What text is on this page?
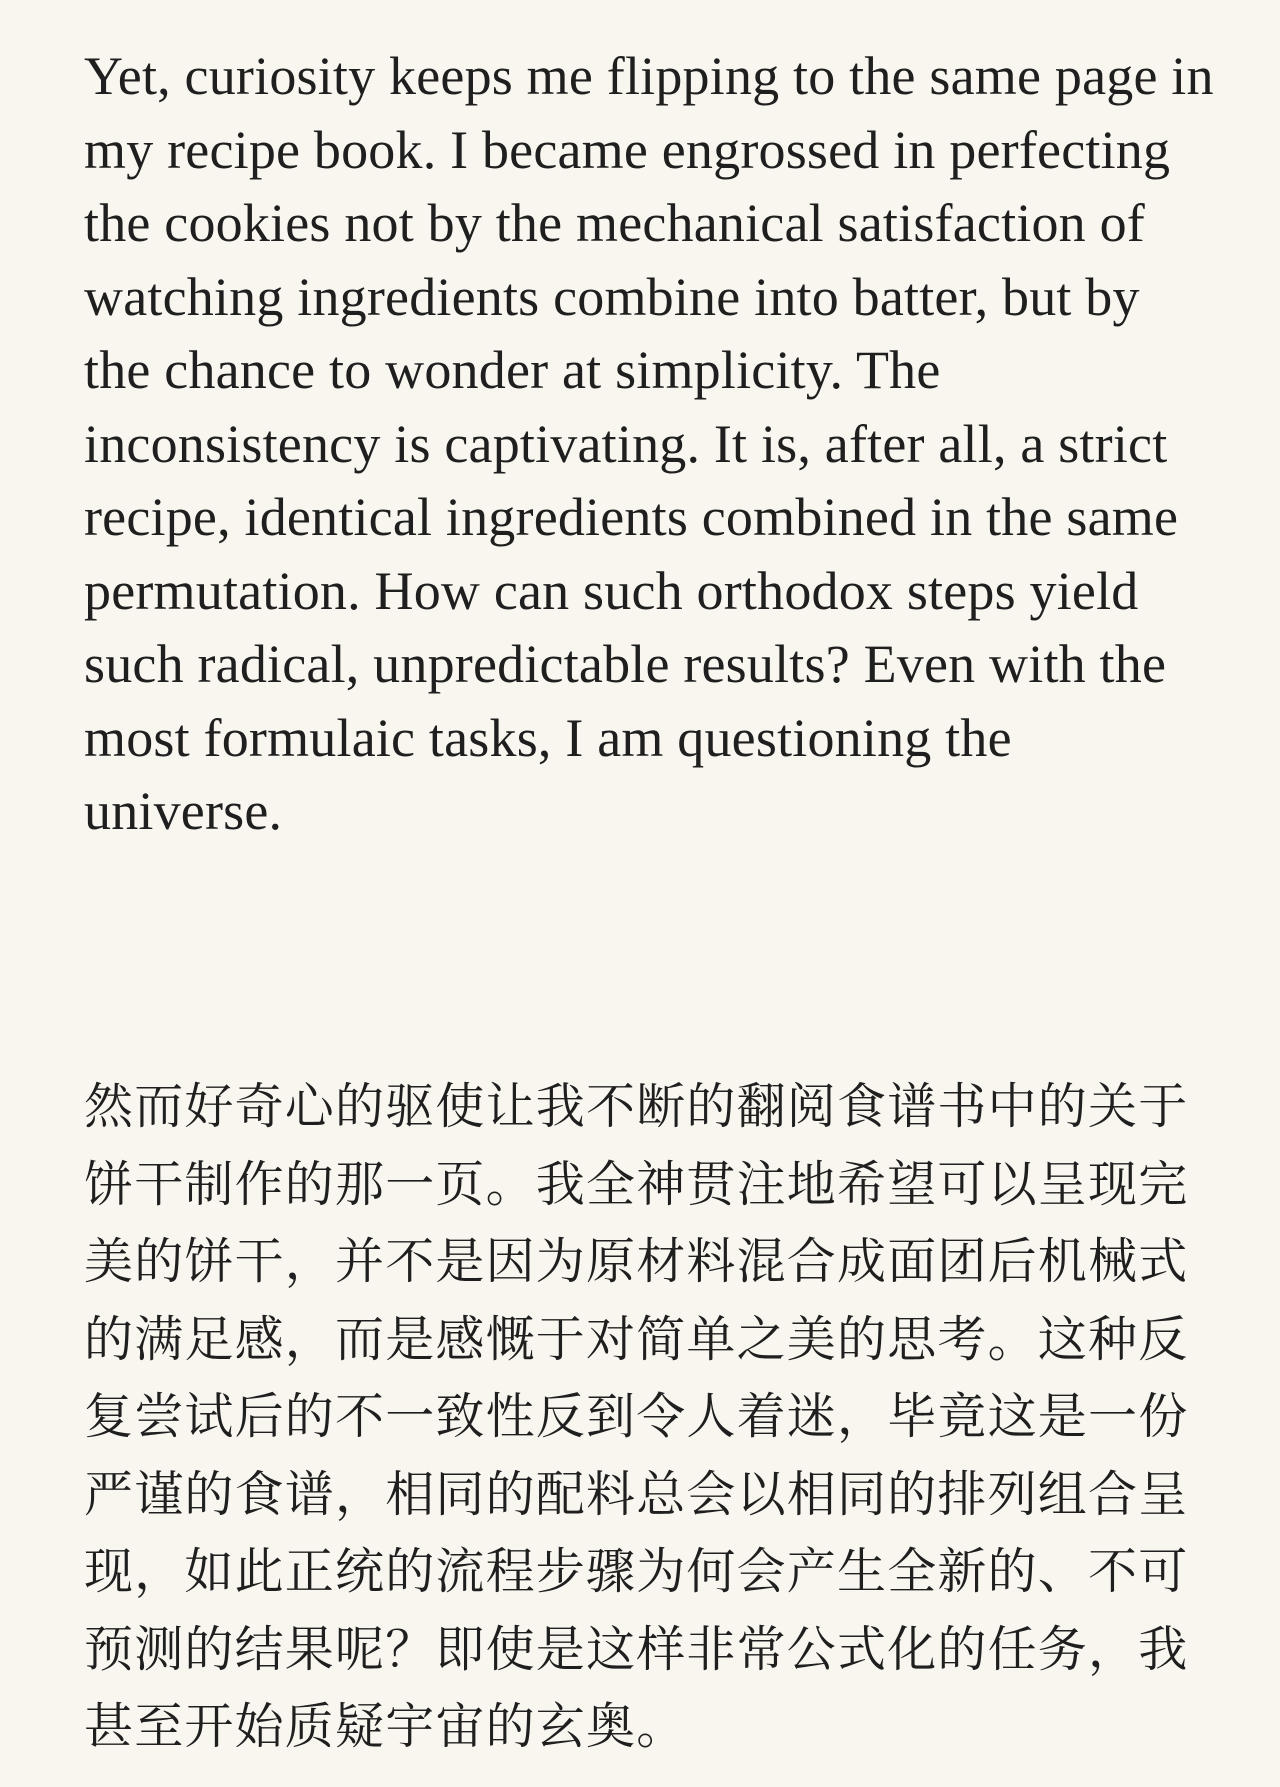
Yet, curiosity keeps me flipping to the same page in my recipe book. I became engrossed in perfecting the cookies not by the mechanical satisfaction of watching ingredients combine into batter, but by the chance to wonder at simplicity. The inconsistency is captivating. It is, after all, a strict recipe, identical ingredients combined in the same permutation. How can such orthodox steps yield such radical, unpredictable results? Even with the most formulaic tasks, I am questioning the universe.

然而好奇心的驱使让我不断的翻阅食谱书中的关于饼干制作的那一页。我全神贯注地希望可以呈现完美的饼干，并不是因为原材料混合成面团后机械式的满足感，而是感慨于对简单之美的思考。这种反复尝试后的不一致性反到令人着迷，毕竟这是一份严谨的食谱，相同的配料总会以相同的排列组合呈现，如此正统的流程步骤为何会产生全新的、不可预测的结果呢？即使是这样非常公式化的任务，我甚至开始质疑宇宙的玄奥。
